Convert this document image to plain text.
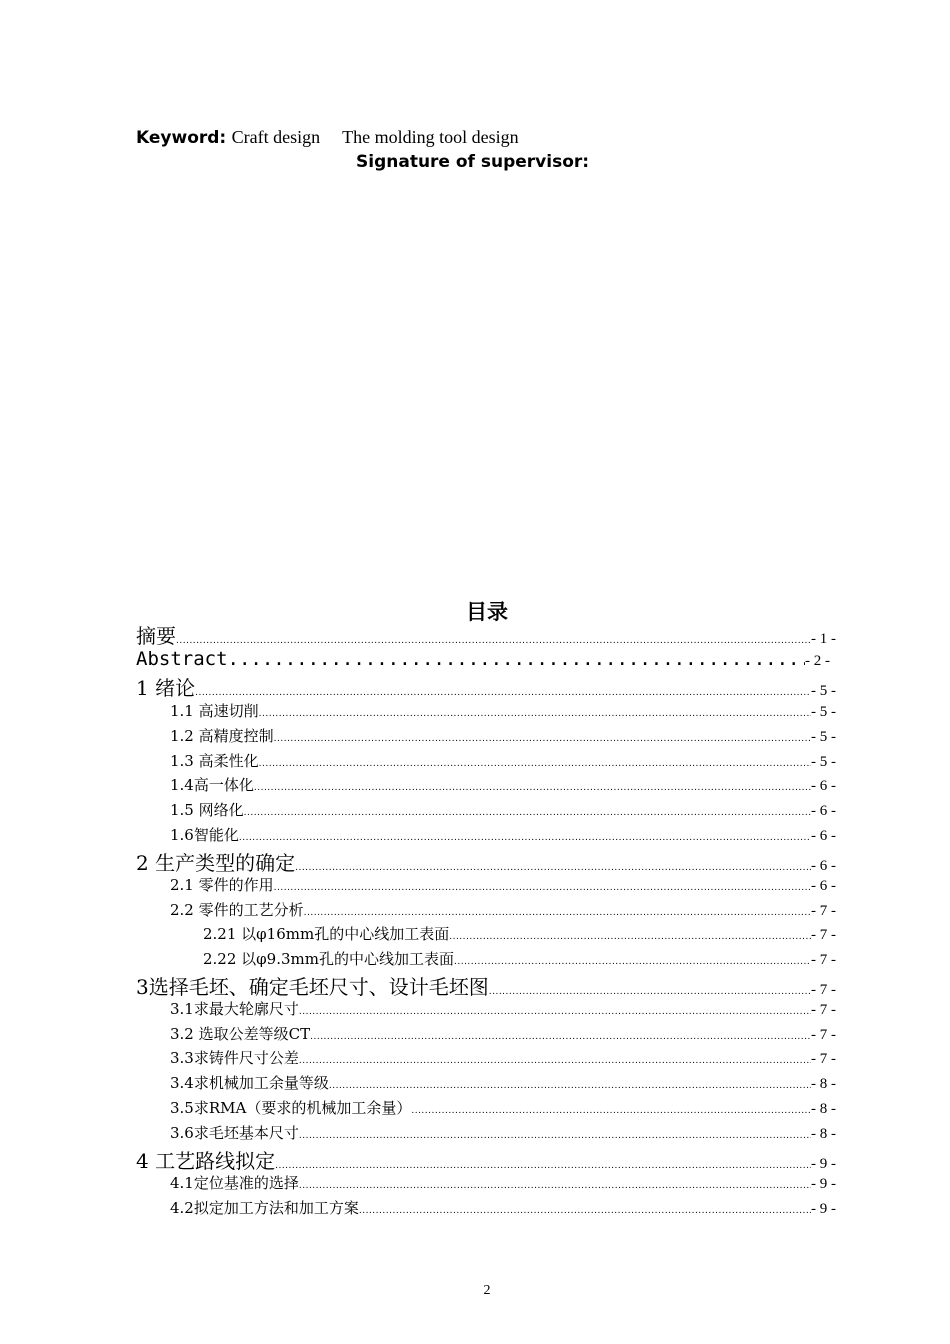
Keyword: Craft design The molding tool design
Signature of supervisor:
目录
摘要 .....	- 1 -
Abstract .....	- 2 -
1 绪论 .....	- 5 -
1.1 高速切削 .....	- 5 -
1.2 高精度控制 .....	- 5 -
1.3 高柔性化 .....	- 5 -
1.4高一体化 .....	- 6 -
1.5 网络化 .....	- 6 -
1.6智能化 .....	- 6 -
2 生产类型的确定 .....	- 6 -
2.1 零件的作用 .....	- 6 -
2.2 零件的工艺分析 .....	- 7 -
2.21 以φ16mm孔的中心线加工表面 .....	- 7 -
2.22 以φ9.3mm孔的中心线加工表面 .....	- 7 -
3选择毛坯、确定毛坯尺寸、设计毛坯图 .....	- 7 -
3.1求最大轮廓尺寸 .....	- 7 -
3.2 选取公差等级CT .....	- 7 -
3.3求铸件尺寸公差 .....	- 7 -
3.4求机械加工余量等级 .....	- 8 -
3.5求RMA（要求的机械加工余量） .....	- 8 -
3.6求毛坯基本尺寸 .....	- 8 -
4 工艺路线拟定 .....	- 9 -
4.1定位基准的选择 .....	- 9 -
4.2拟定加工方法和加工方案 .....	- 9 -
2
